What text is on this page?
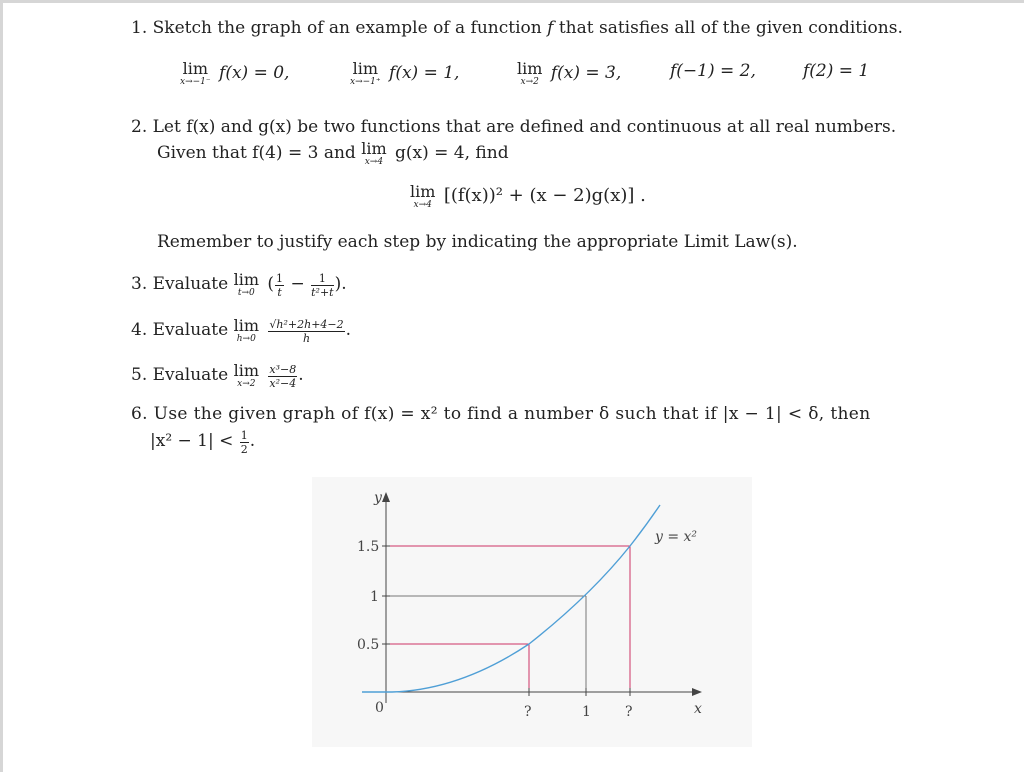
1. Sketch the graph of an example of a function f that satisfies all of the given conditions.
lim
x→−1⁻ f(x) = 0,	lim
x→−1⁺ f(x) = 1,	lim
x→2 f(x) = 3,	f(−1) = 2,	f(2) = 1
2. Let f(x) and g(x) be two functions that are defined and continuous at all real numbers.
Given that f(4) = 3 and lim
x→4 g(x) = 4, find
lim
x→4 [(f(x))² + (x − 2)g(x)] .
Remember to justify each step by indicating the appropriate Limit Law(s).
3. Evaluate lim
t→0 ( $\frac{1}{t} - \frac{1}{\text{t²+t}}$ ).
4. Evaluate lim
h→0
$\frac{\text{√h²+2h+4−2}}{h}$ .
5. Evaluate lim
x→2
	$\frac{\text{x³−8}}{\text{x²−4}}$ .
6. Use the given graph of f(x) = x² to find a number δ such that if |x − 1| < δ, then
$|x^2 - 1| < \frac{1}{2}$ .
y
x
y = x²
1.5
1
0.5
0	?	1 ?
